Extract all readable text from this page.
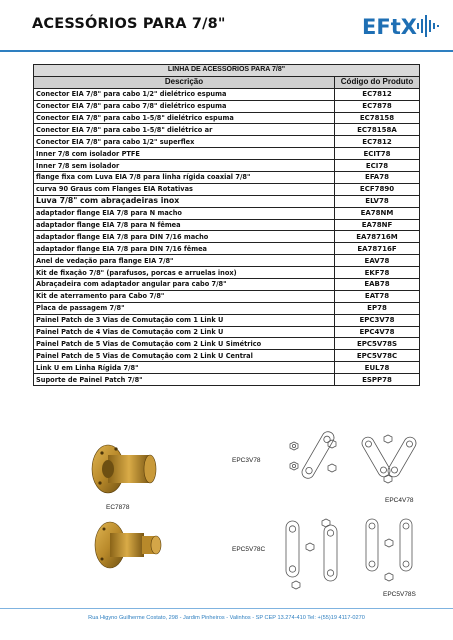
ACESSÓRIOS PARA 7/8"	EFtX
LINHA DE ACESSÓRIOS PARA 7/8"	
Descrição	Código do Produto
Conector EIA 7/8" para cabo 1/2" dielétrico espuma	EC7812
Conector EIA 7/8" para cabo 7/8" dielétrico espuma	EC7878
Conector EIA 7/8" para cabo 1-5/8" dielétrico espuma	EC78158
Conector EIA 7/8" para cabo 1-5/8" dielétrico ar	EC78158A
Conector EIA 7/8" para cabo 1/2" superflex	EC7812
Inner 7/8 com isolador PTFE	ECIT78
Inner 7/8 sem isolador	ECI78
flange fixa com Luva EIA 7/8 para linha rígida coaxial 7/8"	EFA78
curva 90 Graus com Flanges EIA Rotativas	ECF7890
Luva 7/8" com abraçadeiras inox	ELV78
adaptador flange EIA 7/8 para N macho	EA78NM
adaptador flange EIA 7/8 para N fêmea	EA78NF
adaptador flange EIA 7/8 para DIN 7/16 macho	EA78716M
adaptador flange EIA 7/8 para DIN 7/16 fêmea	EA78716F
Anel de vedação para flange EIA 7/8"	EAV78
Kit de fixação 7/8" (parafusos, porcas e arruelas inox)	EKF78
Abraçadeira com adaptador angular para cabo 7/8"	EAB78
Kit de aterramento para Cabo 7/8"	EAT78
Placa de passagem 7/8"	EP78
Painel Patch de 3 Vias de Comutação com 1 Link U	EPC3V78
Painel Patch de 4 Vias de Comutação com 2 Link U	EPC4V78
Painel Patch de 5 Vias de Comutação com 2 Link U Simétrico	EPC5V78S
Painel Patch de 5 Vias de Comutação com 2 Link U Central	EPC5V78C
Link U em Linha Rígida 7/8"	EUL78
Suporte de Painel Patch 7/8"	ESPP78
EC7878
EPC3V78
EPC4V78
EPC5V78C
EPC5V78S
Rua Higyno Guilherme Costato, 298 - Jardim Pinheiros - Valinhos - SP CEP 13.274-410 Tel: +(55)19 4117-0270
